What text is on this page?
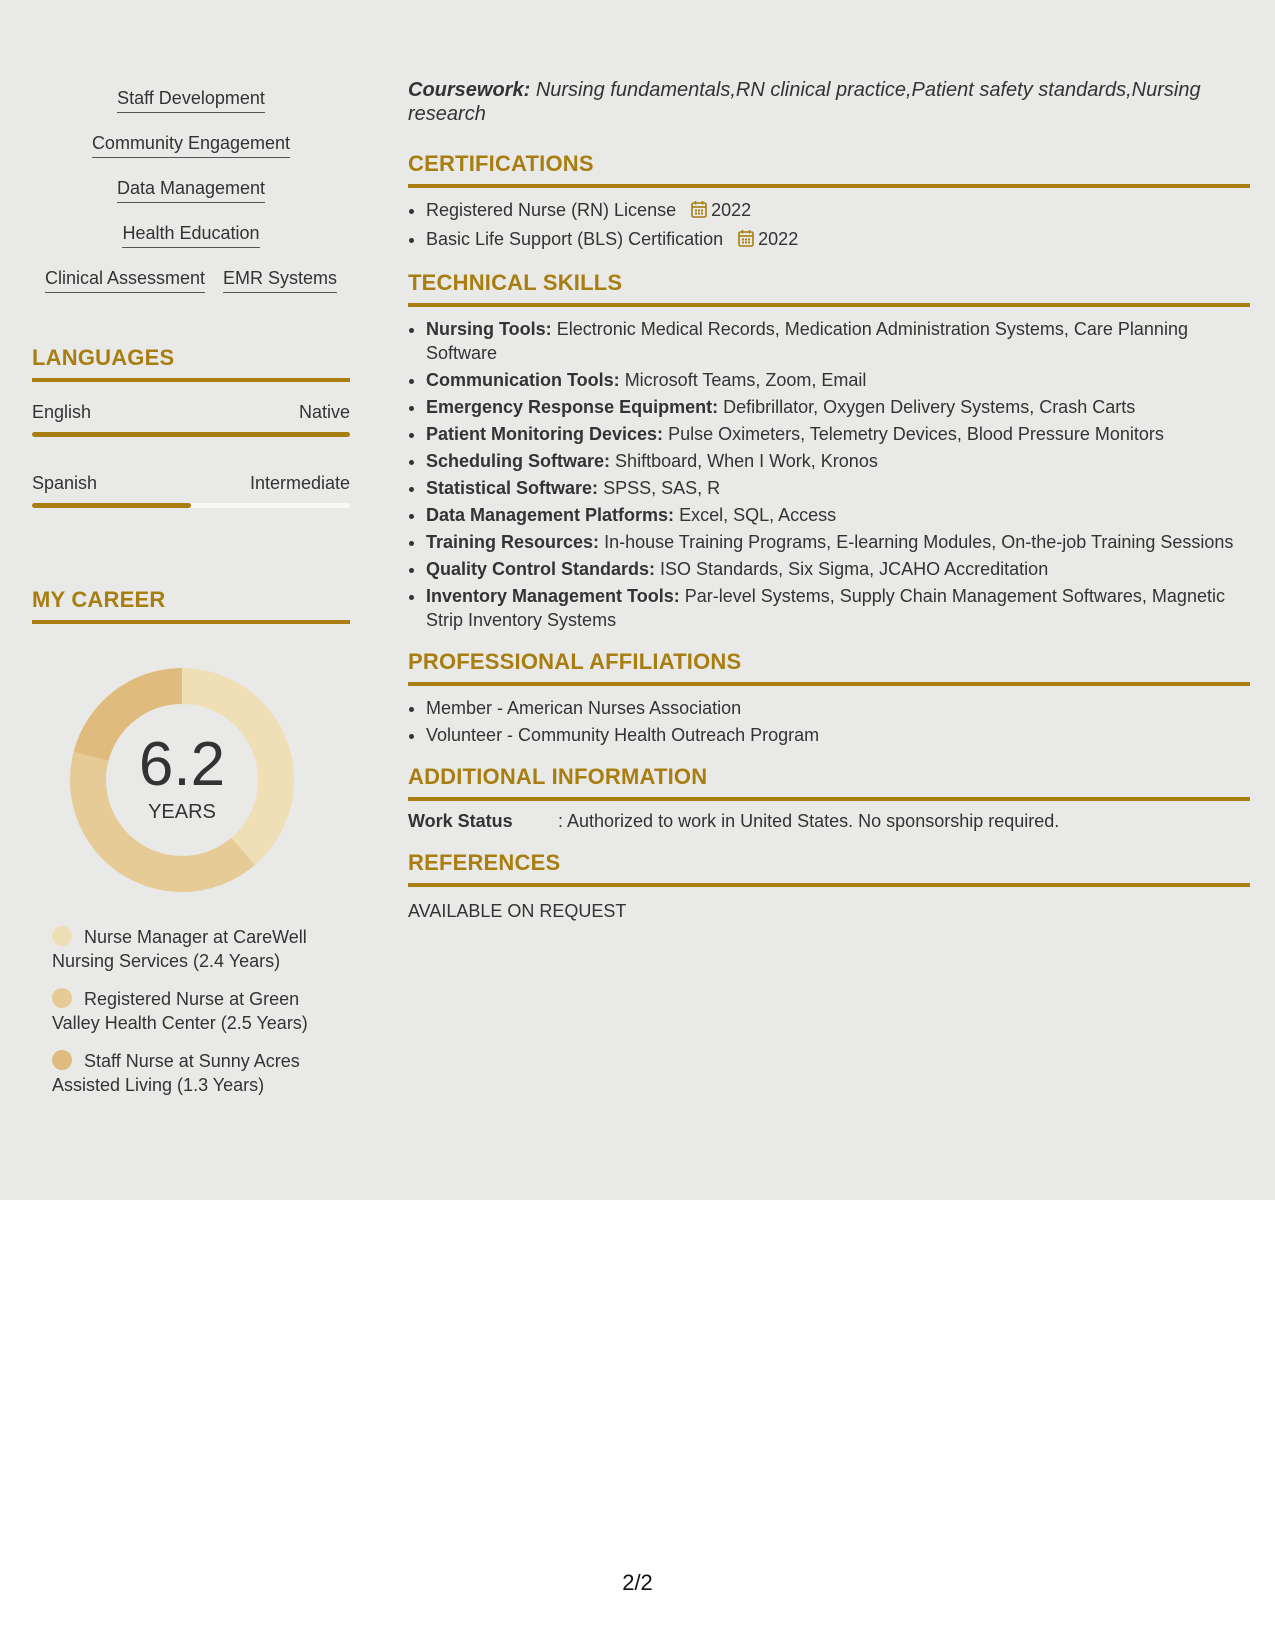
Staff Development
Community Engagement
Data Management
Health Education
Clinical Assessment EMR Systems
LANGUAGES
English	Native
Spanish	Intermediate
MY CAREER
6.2
YEARS
Nurse Manager at CareWell Nursing Services (2.4 Years)
Registered Nurse at Green Valley Health Center (2.5 Years)
Staff Nurse at Sunny Acres Assisted Living (1.3 Years)

Coursework: Nursing fundamentals,RN clinical practice,Patient safety standards,Nursing research

CERTIFICATIONS
• Registered Nurse (RN) License 2022
• Basic Life Support (BLS) Certification 2022
TECHNICAL SKILLS
• Nursing Tools: Electronic Medical Records, Medication Administration Systems, Care Planning Software
• Communication Tools: Microsoft Teams, Zoom, Email
• Emergency Response Equipment: Defibrillator, Oxygen Delivery Systems, Crash Carts
• Patient Monitoring Devices: Pulse Oximeters, Telemetry Devices, Blood Pressure Monitors
• Scheduling Software: Shiftboard, When I Work, Kronos
• Statistical Software: SPSS, SAS, R
• Data Management Platforms: Excel, SQL, Access
• Training Resources: In-house Training Programs, E-learning Modules, On-the-job Training Sessions
• Quality Control Standards: ISO Standards, Six Sigma, JCAHO Accreditation
• Inventory Management Tools: Par-level Systems, Supply Chain Management Softwares, Magnetic Strip Inventory Systems
PROFESSIONAL AFFILIATIONS
• Member - American Nurses Association
• Volunteer - Community Health Outreach Program
ADDITIONAL INFORMATION
Work Status	: Authorized to work in United States. No sponsorship required.
REFERENCES
AVAILABLE ON REQUEST
2/2
